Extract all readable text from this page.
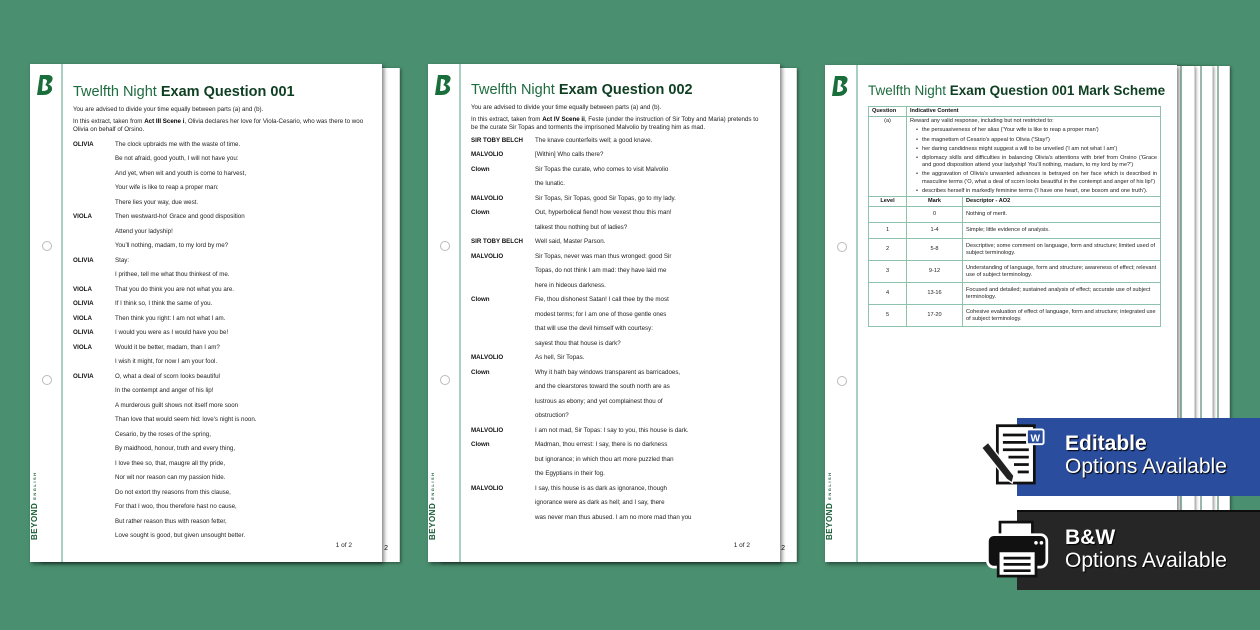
2
BEYONDENGLISH
Twelfth Night Exam Question 001
You are advised to divide your time equally between parts (a) and (b).
In this extract, taken from Act III Scene i, Olivia declares her love for Viola-Cesario, who was there to woo Olivia on behalf of Orsino.
OLIVIA	The clock upbraids me with the waste of time.
Be not afraid, good youth, I will not have you:
And yet, when wit and youth is come to harvest,
Your wife is like to reap a proper man:
There lies your way, due west.
VIOLA	Then westward-ho! Grace and good disposition
Attend your ladyship!
You'll nothing, madam, to my lord by me?
OLIVIA	Stay:
I prithee, tell me what thou thinkest of me.
VIOLA	That you do think you are not what you are.
OLIVIA	If I think so, I think the same of you.
VIOLA	Then think you right: I am not what I am.
OLIVIA	I would you were as I would have you be!
VIOLA	Would it be better, madam, than I am?
I wish it might, for now I am your fool.
OLIVIA	O, what a deal of scorn looks beautiful
In the contempt and anger of his lip!
A murderous guilt shows not itself more soon
Than love that would seem hid: love's night is noon.
Cesario, by the roses of the spring,
By maidhood, honour, truth and every thing,
I love thee so, that, maugre all thy pride,
Nor wit nor reason can my passion hide.
Do not extort thy reasons from this clause,
For that I woo, thou therefore hast no cause,
But rather reason thus with reason fetter,
Love sought is good, but given unsought better.
1 of 2	2
BEYONDENGLISH
Twelfth Night Exam Question 002
You are advised to divide your time equally between parts (a) and (b).
In this extract, taken from Act IV Scene ii, Feste (under the instruction of Sir Toby and Maria) pretends to be the curate Sir Topas and torments the imprisoned Malvolio by treating him as mad.
SIR TOBY BELCH	The knave counterfeits well; a good knave.
MALVOLIO	[Within] Who calls there?
Clown	Sir Topas the curate, who comes to visit Malvolio
the lunatic.
MALVOLIO	Sir Topas, Sir Topas, good Sir Topas, go to my lady.
Clown	Out, hyperbolical fiend! how vexest thou this man!
talkest thou nothing but of ladies?
SIR TOBY BELCH	Well said, Master Parson.
MALVOLIO	Sir Topas, never was man thus wronged: good Sir
Topas, do not think I am mad: they have laid me
here in hideous darkness.
Clown	Fie, thou dishonest Satan! I call thee by the most
modest terms; for I am one of those gentle ones
that will use the devil himself with courtesy:
sayest thou that house is dark?
MALVOLIO	As hell, Sir Topas.
Clown	Why it hath bay windows transparent as barricadoes,
and the clearstores toward the south north are as
lustrous as ebony; and yet complainest thou of
obstruction?
MALVOLIO	I am not mad, Sir Topas: I say to you, this house is dark.
Clown	Madman, thou errest: I say, there is no darkness
but ignorance; in which thou art more puzzled than
the Egyptians in their fog.
MALVOLIO	I say, this house is as dark as ignorance, though
ignorance were as dark as hell; and I say, there
was never man thus abused. I am no more mad than you
1 of 2
BEYONDENGLISH
Twelfth Night Exam Question 001 Mark Scheme
Question	Indicative Content
(a)	Reward any valid response, including but not restricted to:
• the persuasiveness of her alias ('Your wife is like to reap a proper man')
• the magnetism of Cesario's appeal to Olivia ('Stay!')
• her daring candidness might suggest a will to be unveiled ('I am not what I am')
• diplomacy skills and difficulties in balancing Olivia's attentions with brief from Orsino ('Grace and good disposition attend your ladyship! You'll nothing, madam, to my lord by me?')
• the aggravation of Olivia's unwanted advances is betrayed on her face which is described in masculine terms ('O, what a deal of scorn looks beautiful in the contempt and anger of his lip!')
• describes herself in markedly feminine terms ('I have one heart, one bosom and one truth').
Level	Mark	Descriptor - AO2
	0	Nothing of merit.
1	1-4	Simple; little evidence of analysis.
2	5-8	Descriptive; some comment on language, form and structure; limited used of subject terminology.
3	9-12	Understanding of language, form and structure; awareness of effect; relevant use of subject terminology.
4	13-16	Focused and detailed; sustained analysis of effect; accurate use of subject terminology.
5	17-20	Cohesive evaluation of effect of language, form and structure; integrated use of subject terminology.
W Editable
Options Available
B&W
Options Available
